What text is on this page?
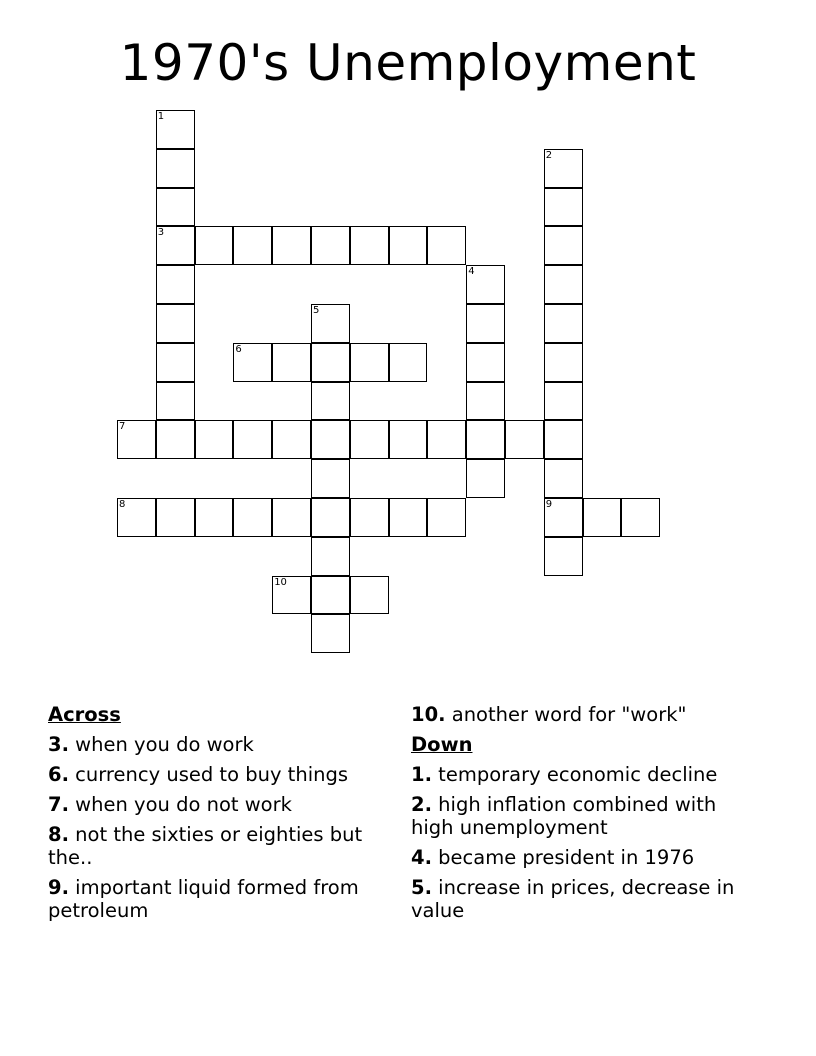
1970's Unemployment
1
2
3
4
5
6
7
8	9
10
Across
3. when you do work
6. currency used to buy things
7. when you do not work
8. not the sixties or eighties but the..
9. important liquid formed from petroleum
10. another word for "work"
Down
1. temporary economic decline
2. high inflation combined with high unemployment
4. became president in 1976
5. increase in prices, decrease in value
